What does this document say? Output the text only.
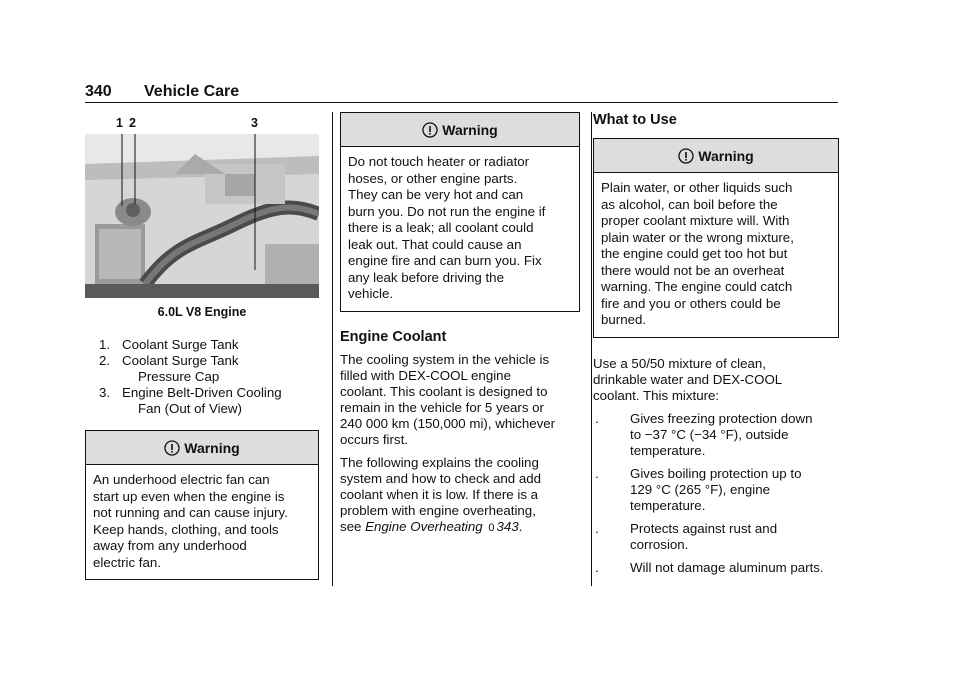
340 Vehicle Care
1 2	3
6.0L V8 Engine
1. Coolant Surge Tank
2. Coolant Surge Tank
Pressure Cap
3. Engine Belt-Driven Cooling
Fan (Out of View)
Warning
An underhood electric fan can
start up even when the engine is
not running and can cause injury.
Keep hands, clothing, and tools
away from any underhood
electric fan.
Warning
Do not touch heater or radiator
hoses, or other engine parts.
They can be very hot and can
burn you. Do not run the engine if
there is a leak; all coolant could
leak out. That could cause an
engine fire and can burn you. Fix
any leak before driving the
vehicle.
Engine Coolant
The cooling system in the vehicle is
filled with DEX-COOL engine
coolant. This coolant is designed to
remain in the vehicle for 5 years or
240 000 km (150,000 mi), whichever
occurs first.
The following explains the cooling
system and how to check and add
coolant when it is low. If there is a
problem with engine overheating,
see Engine Overheating 0 343.
What to Use
Warning
Plain water, or other liquids such
as alcohol, can boil before the
proper coolant mixture will. With
plain water or the wrong mixture,
the engine could get too hot but
there would not be an overheat
warning. The engine could catch
fire and you or others could be
burned.
Use a 50/50 mixture of clean,
drinkable water and DEX-COOL
coolant. This mixture:
. Gives freezing protection down
to −37 °C (−34 °F), outside
temperature.
. Gives boiling protection up to
129 °C (265 °F), engine
temperature.
. Protects against rust and
corrosion.
. Will not damage aluminum parts.
